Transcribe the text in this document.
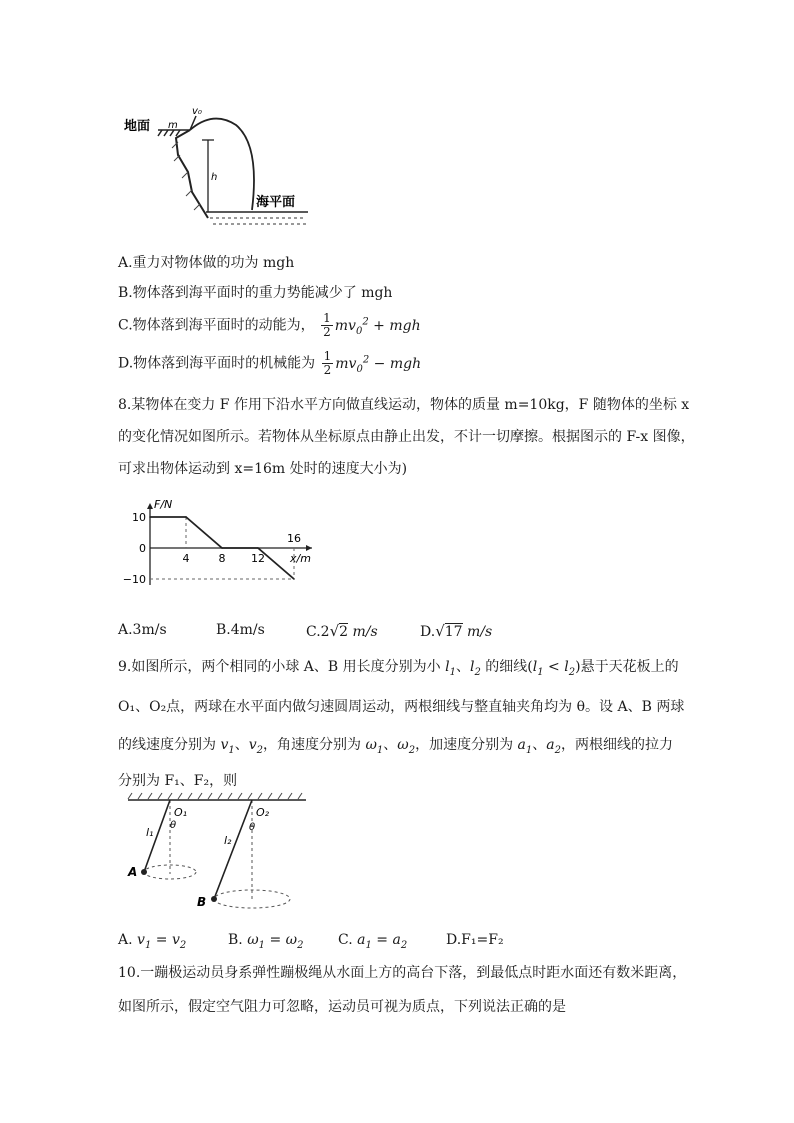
地面 m
v₀
h
海平面
A.重力对物体做的功为 mgh
B.物体落到海平面时的重力势能减少了 mgh
C.物体落到海平面时的动能为， $\frac{1}{2} mv_0^2$ + mgh
D.物体落到海平面时的机械能为 $\frac{1}{2} mv_0^2$ − mgh
8.某物体在变力 F 作用下沿水平方向做直线运动，物体的质量 m=10kg，F 随物体的坐标 x
的变化情况如图所示。若物体从坐标原点由静止出发，不计一切摩擦。根据图示的 F-x 图像，
可求出物体运动到 x=16m 处时的速度大小为)
F/N
x/m
10
0
−10
4	8 12
16
A.3m/s	B.4m/s	C.2√2 m/s	D.√17 m/s
9.如图所示，两个相同的小球 A、B 用长度分别为小 $l_1$、$l_2$ 的细线$(l_1 < l_2)$悬于天花板上的
O₁、O₂点，两球在水平面内做匀速圆周运动，两根细线与整直轴夹角均为 θ。设 A、B 两球
的线速度分别为 $v_1$、$v_2$，角速度分别为 $\omega_1$、$\omega_2$，加速度分别为 $a_1$、$a_2$，两根细线的拉力
分别为 F₁、F₂，则
O₁	O₂
l₁
l₂
θ	θ
A
B
A. $v_1 = v_2$	B. $\omega_1 = \omega_2$ C. $a_1 = a_2$	D.F₁=F₂
10.一蹦极运动员身系弹性蹦极绳从水面上方的高台下落，到最低点时距水面还有数米距离，
如图所示，假定空气阻力可忽略，运动员可视为质点，下列说法正确的是
